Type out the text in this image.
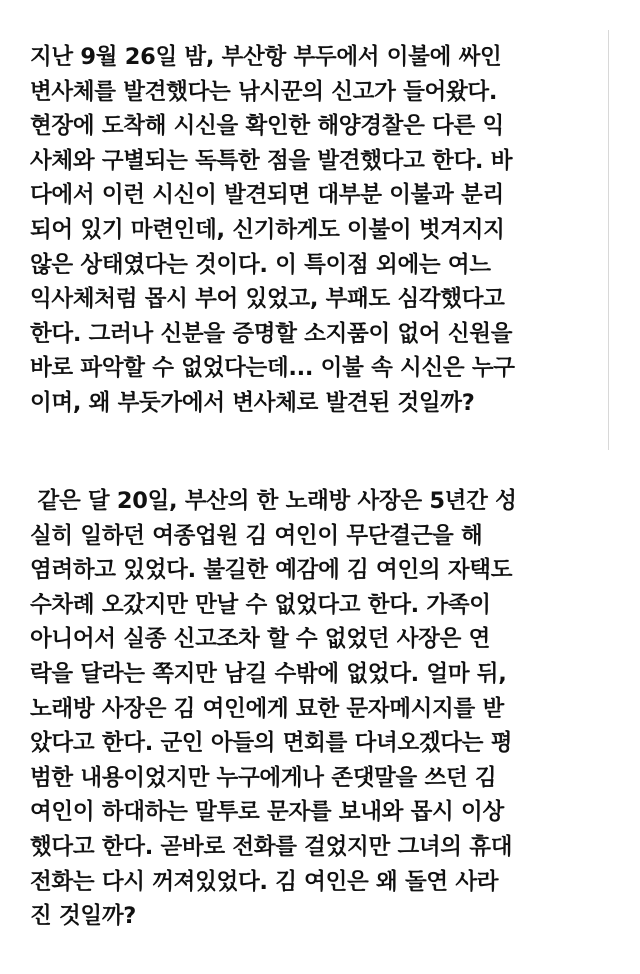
지난 9월 26일 밤, 부산항 부두에서 이불에 싸인
변사체를 발견했다는 낚시꾼의 신고가 들어왔다.
현장에 도착해 시신을 확인한 해양경찰은 다른 익
사체와 구별되는 독특한 점을 발견했다고 한다. 바
다에서 이런 시신이 발견되면 대부분 이불과 분리
되어 있기 마련인데, 신기하게도 이불이 벗겨지지
않은 상태였다는 것이다. 이 특이점 외에는 여느
익사체처럼 몹시 부어 있었고, 부패도 심각했다고
한다. 그러나 신분을 증명할 소지품이 없어 신원을
바로 파악할 수 없었다는데... 이불 속 시신은 누구
이며, 왜 부둣가에서 변사체로 발견된 것일까?
같은 달 20일, 부산의 한 노래방 사장은 5년간 성
실히 일하던 여종업원 김 여인이 무단결근을 해
염려하고 있었다. 불길한 예감에 김 여인의 자택도
수차례 오갔지만 만날 수 없었다고 한다. 가족이
아니어서 실종 신고조차 할 수 없었던 사장은 연
락을 달라는 쪽지만 남길 수밖에 없었다. 얼마 뒤,
노래방 사장은 김 여인에게 묘한 문자메시지를 받
았다고 한다. 군인 아들의 면회를 다녀오겠다는 평
범한 내용이었지만 누구에게나 존댓말을 쓰던 김
여인이 하대하는 말투로 문자를 보내와 몹시 이상
했다고 한다. 곧바로 전화를 걸었지만 그녀의 휴대
전화는 다시 꺼져있었다. 김 여인은 왜 돌연 사라
진 것일까?
